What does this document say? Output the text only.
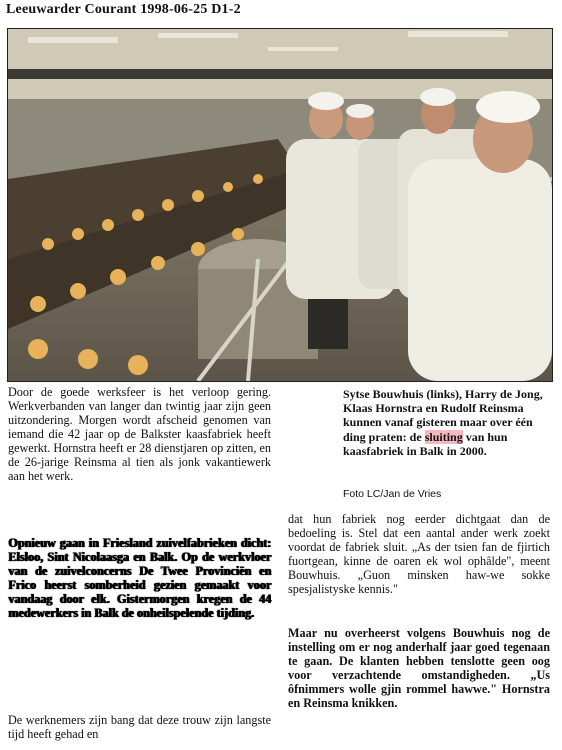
Leeuwarder Courant 1998-06-25 D1-2

Door de goede werksfeer is het verloop gering. Werkverbanden van langer dan twintig jaar zijn geen uitzondering. Morgen wordt afscheid genomen van iemand die 42 jaar op de Balkster kaasfabriek heeft gewerkt. Hornstra heeft er 28 dienstjaren op zitten, en de 26-jarige Reinsma al tien als jonk vakantiewerk aan het werk.

Opnieuw gaan in Friesland zuivelfabrieken dicht: Elsloo, Sint Nicolaasga en Balk. Op de werkvloer van de zuivelconcerns De Twee Provinciën en Frico heerst somberheid gezien gemaakt voor vandaag door elk. Gistermorgen kregen de 44 medewerkers in Balk de onheilspelende tijding.

De werknemers zijn bang dat deze trouw zijn langste tijd heeft gehad en

Sytse Bouwhuis (links), Harry de Jong, Klaas Hornstra en Rudolf Reinsma kunnen vanaf gisteren maar over één ding praten: de sluiting van hun kaasfabriek in Balk in 2000.
Foto LC/Jan de Vries

dat hun fabriek nog eerder dichtgaat dan de bedoeling is. Stel dat een aantal ander werk zoekt voordat de fabriek sluit. „As der tsien fan de fjirtich fuortgean, kinne de oaren ek wol ophâlde", meent Bouwhuis. „Guon minsken haw-we sokke spesjalistyske kennis."

Maar nu overheerst volgens Bouwhuis nog de instelling om er nog anderhalf jaar goed tegenaan te gaan. De klanten hebben tenslotte geen oog voor verzachtende omstandigheden. „Us ôfnimmers wolle gjin rommel hawwe." Hornstra en Reinsma knikken.
